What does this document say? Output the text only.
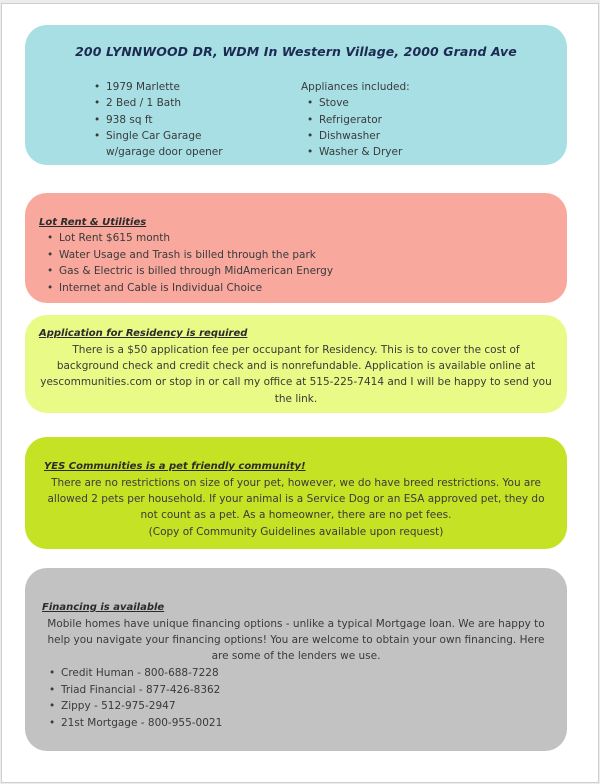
200 LYNNWOOD DR, WDM In Western Village, 2000 Grand Ave
• 1979 Marlette
• 2 Bed / 1 Bath
• 938 sq ft
• Single Car Garage
w/garage door opener
Appliances included:
• Stove
• Refrigerator
• Dishwasher
• Washer & Dryer
Lot Rent & Utilities
• Lot Rent $615 month
• Water Usage and Trash is billed through the park
• Gas & Electric is billed through MidAmerican Energy
• Internet and Cable is Individual Choice
Application for Residency is required
There is a $50 application fee per occupant for Residency. This is to cover the cost of
background check and credit check and is nonrefundable. Application is available online at
yescommunities.com or stop in or call my office at 515-225-7414 and I will be happy to send you
the link.
YES Communities is a pet friendly community!
There are no restrictions on size of your pet, however, we do have breed restrictions. You are
allowed 2 pets per household. If your animal is a Service Dog or an ESA approved pet, they do
not count as a pet. As a homeowner, there are no pet fees.
(Copy of Community Guidelines available upon request)
Financing is available
Mobile homes have unique financing options - unlike a typical Mortgage loan. We are happy to
help you navigate your financing options! You are welcome to obtain your own financing. Here
are some of the lenders we use.
• Credit Human - 800-688-7228
• Triad Financial - 877-426-8362
• Zippy - 512-975-2947
• 21st Mortgage - 800-955-0021
